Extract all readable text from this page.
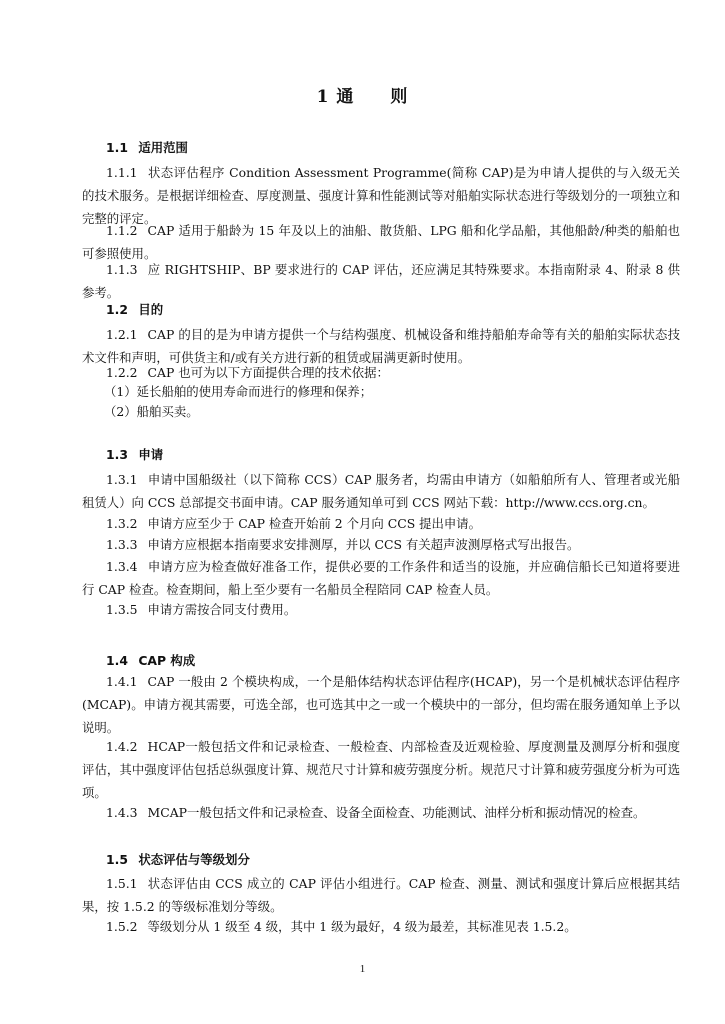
1 通　　则
1.1 适用范围
1.1.1 状态评估程序 Condition Assessment Programme(简称 CAP)是为申请人提供的与入级无关的技术服务。是根据详细检查、厚度测量、强度计算和性能测试等对船舶实际状态进行等级划分的一项独立和完整的评定。
1.1.2 CAP 适用于船龄为 15 年及以上的油船、散货船、LPG 船和化学品船，其他船龄/种类的船舶也可参照使用。
1.1.3 应 RIGHTSHIP、BP 要求进行的 CAP 评估，还应满足其特殊要求。本指南附录 4、附录 8 供参考。
1.2 目的
1.2.1 CAP 的目的是为申请方提供一个与结构强度、机械设备和维持船舶寿命等有关的船舶实际状态技术文件和声明，可供货主和/或有关方进行新的租赁或届满更新时使用。
1.2.2 CAP 也可为以下方面提供合理的技术依据：
（1）延长船舶的使用寿命而进行的修理和保养；
（2）船舶买卖。
1.3 申请
1.3.1 申请中国船级社（以下简称 CCS）CAP 服务者，均需由申请方（如船舶所有人、管理者或光船租赁人）向 CCS 总部提交书面申请。CAP 服务通知单可到 CCS 网站下载：http://www.ccs.org.cn。
1.3.2 申请方应至少于 CAP 检查开始前 2 个月向 CCS 提出申请。
1.3.3 申请方应根据本指南要求安排测厚，并以 CCS 有关超声波测厚格式写出报告。
1.3.4 申请方应为检查做好准备工作，提供必要的工作条件和适当的设施，并应确信船长已知道将要进行 CAP 检查。检查期间，船上至少要有一名船员全程陪同 CAP 检查人员。
1.3.5 申请方需按合同支付费用。
1.4 CAP 构成
1.4.1 CAP 一般由 2 个模块构成，一个是船体结构状态评估程序(HCAP)，另一个是机械状态评估程序(MCAP)。申请方视其需要，可选全部，也可选其中之一或一个模块中的一部分，但均需在服务通知单上予以说明。
1.4.2 HCAP一般包括文件和记录检查、一般检查、内部检查及近观检验、厚度测量及测厚分析和强度评估，其中强度评估包括总纵强度计算、规范尺寸计算和疲劳强度分析。规范尺寸计算和疲劳强度分析为可选项。
1.4.3 MCAP一般包括文件和记录检查、设备全面检查、功能测试、油样分析和振动情况的检查。
1.5 状态评估与等级划分
1.5.1 状态评估由 CCS 成立的 CAP 评估小组进行。CAP 检查、测量、测试和强度计算后应根据其结果，按 1.5.2 的等级标准划分等级。
1.5.2 等级划分从 1 级至 4 级，其中 1 级为最好，4 级为最差，其标准见表 1.5.2。
1
